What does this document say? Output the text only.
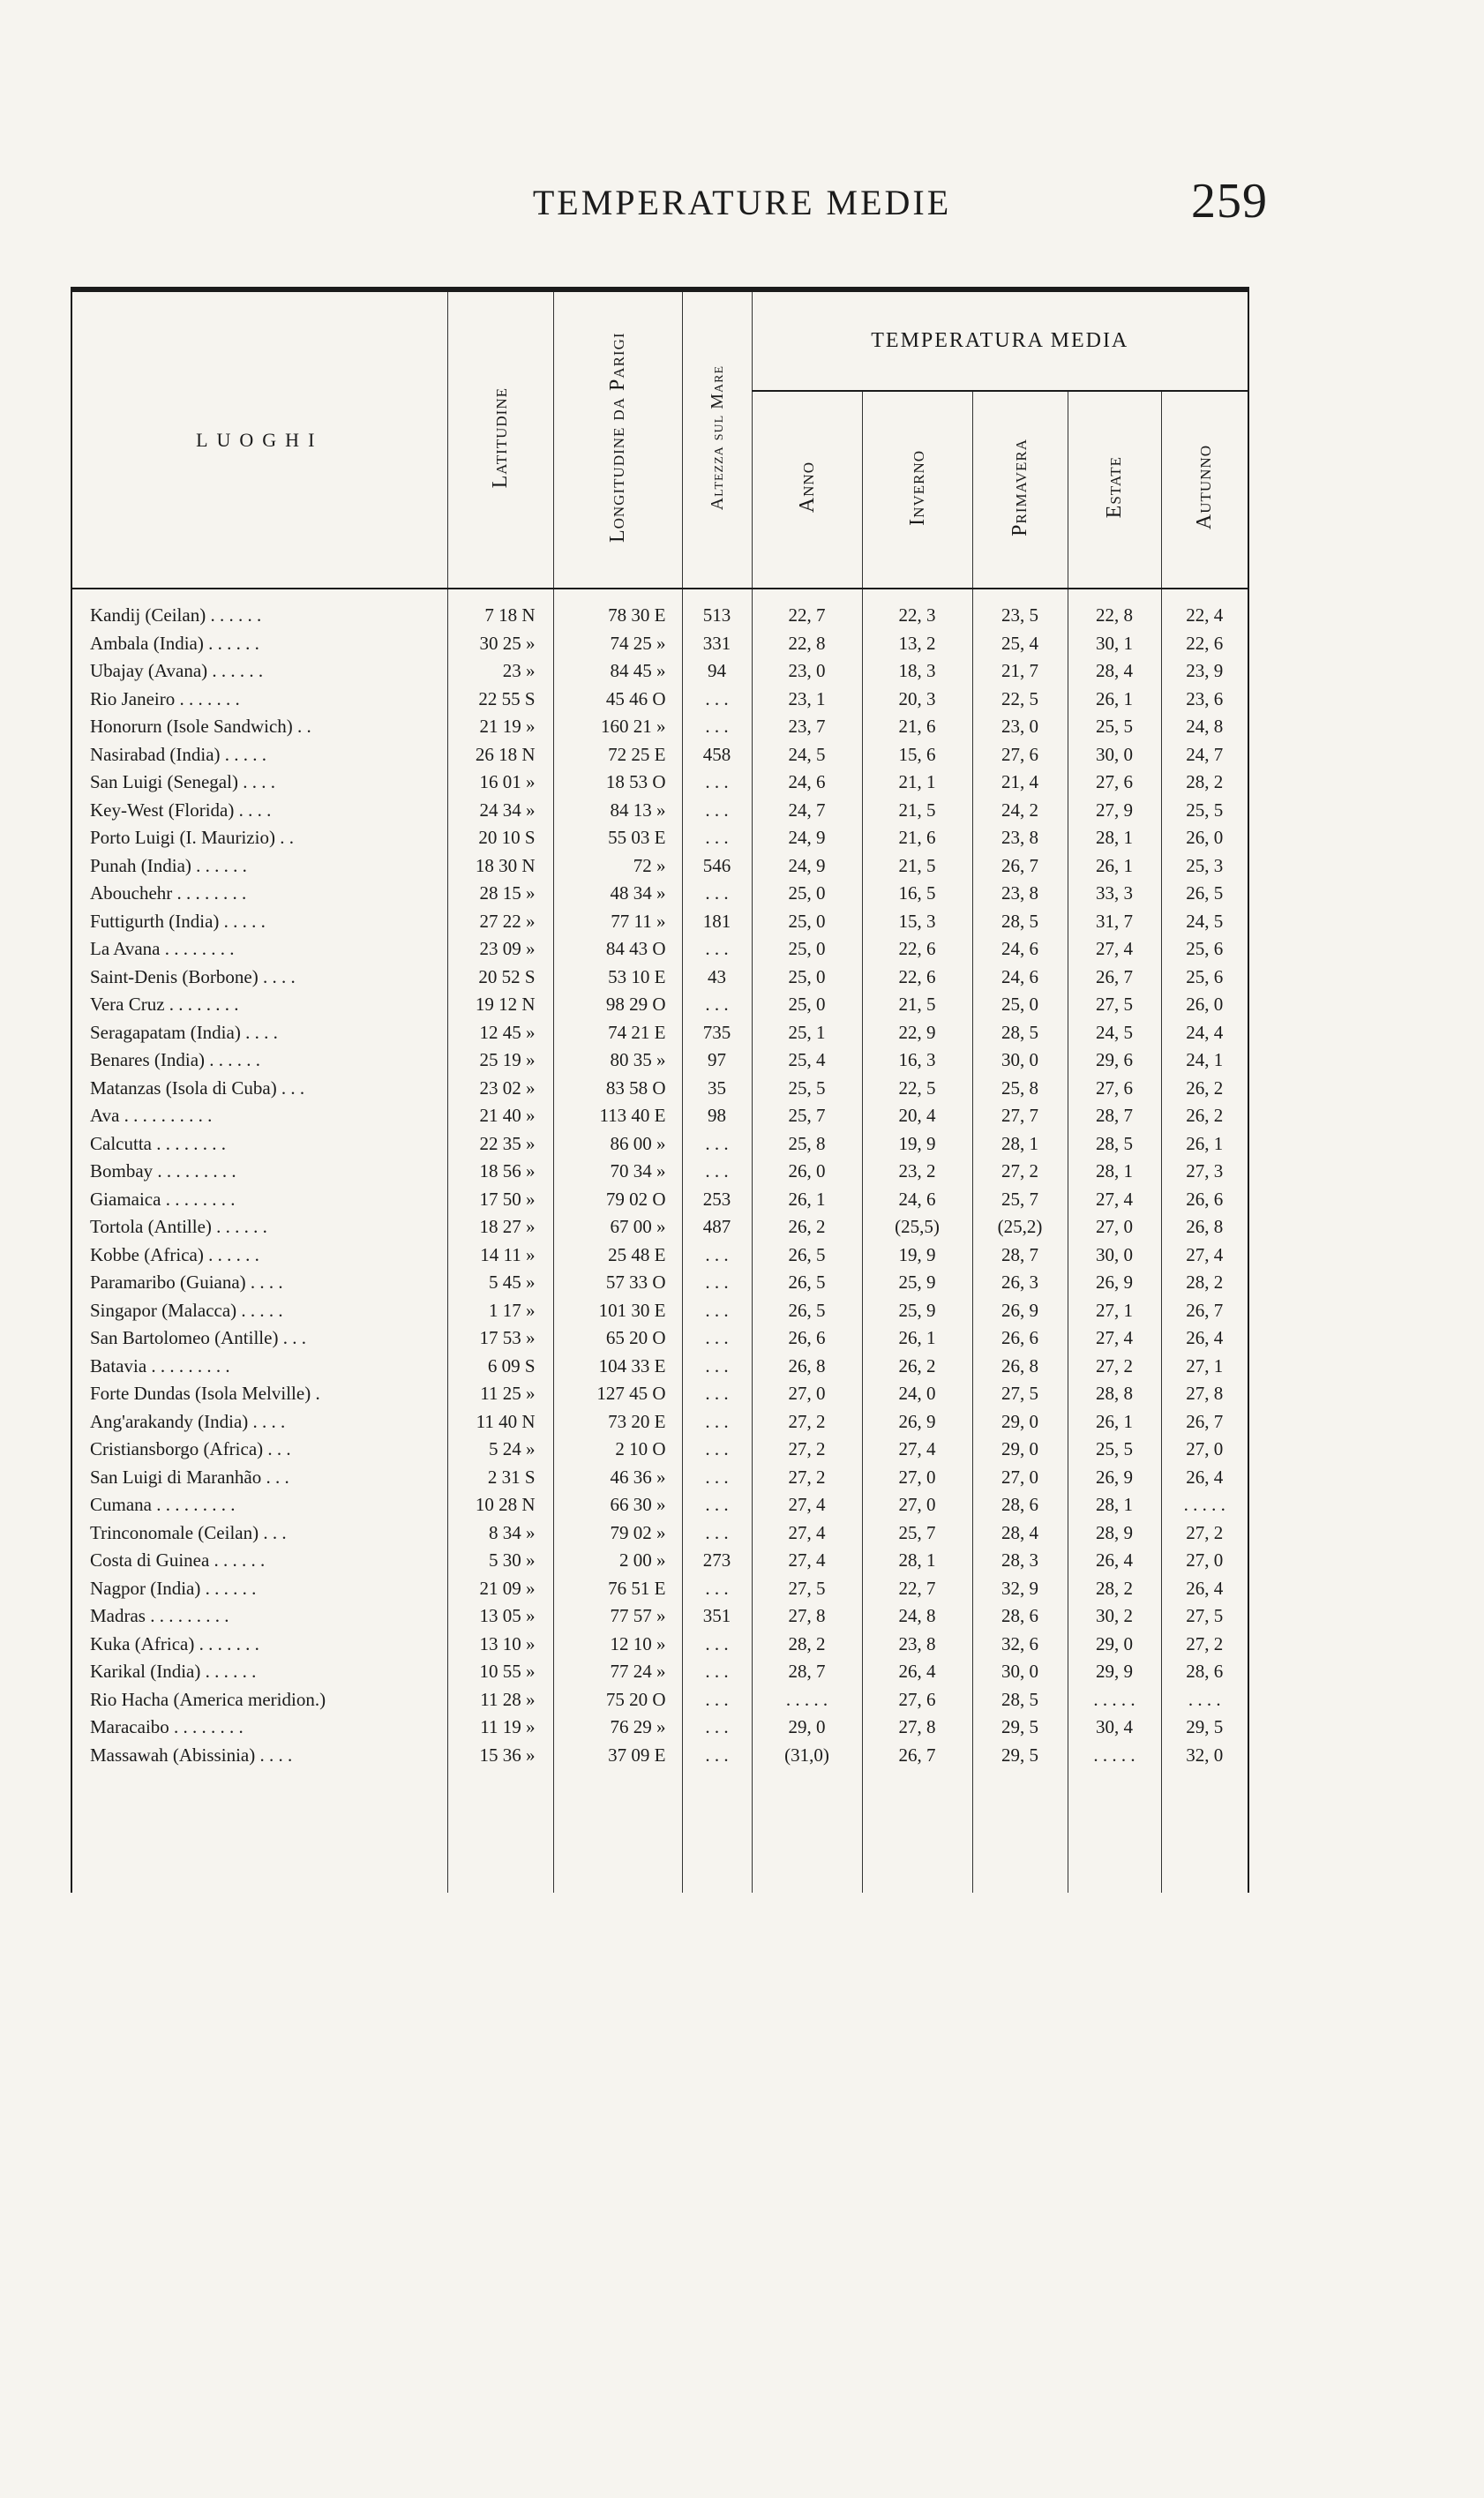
TEMPERATURE MEDIE	259
LUOGHI	Latitudine	Longitudine da Parigi	Altezza sul Mare	TEMPERATURA MEDIA				
				Anno	Inverno	Primavera	Estate	Autunno
Kandij (Ceilan) . . . . . .	7 18 N	78 30 E	513	22, 7	22, 3	23, 5	22, 8	22, 4
Ambala (India) . . . . . .	30 25 »	74 25 »	331	22, 8	13, 2	25, 4	30, 1	22, 6
Ubajay (Avana) . . . . . .	23 »	84 45 »	94	23, 0	18, 3	21, 7	28, 4	23, 9
Rio Janeiro . . . . . . .	22 55 S	45 46 O	. . .	23, 1	20, 3	22, 5	26, 1	23, 6
Honorurn (Isole Sandwich) . .	21 19 »	160 21 »	. . .	23, 7	21, 6	23, 0	25, 5	24, 8
Nasirabad (India) . . . . .	26 18 N	72 25 E	458	24, 5	15, 6	27, 6	30, 0	24, 7
San Luigi (Senegal) . . . .	16 01 »	18 53 O	. . .	24, 6	21, 1	21, 4	27, 6	28, 2
Key-West (Florida) . . . .	24 34 »	84 13 »	. . .	24, 7	21, 5	24, 2	27, 9	25, 5
Porto Luigi (I. Maurizio) . .	20 10 S	55 03 E	. . .	24, 9	21, 6	23, 8	28, 1	26, 0
Punah (India) . . . . . .	18 30 N	72 »	546	24, 9	21, 5	26, 7	26, 1	25, 3
Abouchehr . . . . . . . .	28 15 »	48 34 »	. . .	25, 0	16, 5	23, 8	33, 3	26, 5
Futtigurth (India) . . . . .	27 22 »	77 11 »	181	25, 0	15, 3	28, 5	31, 7	24, 5
La Avana . . . . . . . .	23 09 »	84 43 O	. . .	25, 0	22, 6	24, 6	27, 4	25, 6
Saint-Denis (Borbone) . . . .	20 52 S	53 10 E	43	25, 0	22, 6	24, 6	26, 7	25, 6
Vera Cruz . . . . . . . .	19 12 N	98 29 O	. . .	25, 0	21, 5	25, 0	27, 5	26, 0
Seragapatam (India) . . . .	12 45 »	74 21 E	735	25, 1	22, 9	28, 5	24, 5	24, 4
Benares (India) . . . . . .	25 19 »	80 35 »	97	25, 4	16, 3	30, 0	29, 6	24, 1
Matanzas (Isola di Cuba) . . .	23 02 »	83 58 O	35	25, 5	22, 5	25, 8	27, 6	26, 2
Ava . . . . . . . . . .	21 40 »	113 40 E	98	25, 7	20, 4	27, 7	28, 7	26, 2
Calcutta . . . . . . . .	22 35 »	86 00 »	. . .	25, 8	19, 9	28, 1	28, 5	26, 1
Bombay . . . . . . . . .	18 56 »	70 34 »	. . .	26, 0	23, 2	27, 2	28, 1	27, 3
Giamaica . . . . . . . .	17 50 »	79 02 O	253	26, 1	24, 6	25, 7	27, 4	26, 6
Tortola (Antille) . . . . . .	18 27 »	67 00 »	487	26, 2	(25,5)	(25,2)	27, 0	26, 8
Kobbe (Africa) . . . . . .	14 11 »	25 48 E	. . .	26, 5	19, 9	28, 7	30, 0	27, 4
Paramaribo (Guiana) . . . .	5 45 »	57 33 O	. . .	26, 5	25, 9	26, 3	26, 9	28, 2
Singapor (Malacca) . . . . .	1 17 »	101 30 E	. . .	26, 5	25, 9	26, 9	27, 1	26, 7
San Bartolomeo (Antille) . . .	17 53 »	65 20 O	. . .	26, 6	26, 1	26, 6	27, 4	26, 4
Batavia . . . . . . . . .	6 09 S	104 33 E	. . .	26, 8	26, 2	26, 8	27, 2	27, 1
Forte Dundas (Isola Melville) .	11 25 »	127 45 O	. . .	27, 0	24, 0	27, 5	28, 8	27, 8
Ang'arakandy (India) . . . .	11 40 N	73 20 E	. . .	27, 2	26, 9	29, 0	26, 1	26, 7
Cristiansborgo (Africa) . . .	5 24 »	2 10 O	. . .	27, 2	27, 4	29, 0	25, 5	27, 0
San Luigi di Maranhão . . .	2 31 S	46 36 »	. . .	27, 2	27, 0	27, 0	26, 9	26, 4
Cumana . . . . . . . . .	10 28 N	66 30 »	. . .	27, 4	27, 0	28, 6	28, 1	. . . . .
Trinconomale (Ceilan) . . .	8 34 »	79 02 »	. . .	27, 4	25, 7	28, 4	28, 9	27, 2
Costa di Guinea . . . . . .	5 30 »	2 00 »	273	27, 4	28, 1	28, 3	26, 4	27, 0
Nagpor (India) . . . . . .	21 09 »	76 51 E	. . .	27, 5	22, 7	32, 9	28, 2	26, 4
Madras . . . . . . . . .	13 05 »	77 57 »	351	27, 8	24, 8	28, 6	30, 2	27, 5
Kuka (Africa) . . . . . . .	13 10 »	12 10 »	. . .	28, 2	23, 8	32, 6	29, 0	27, 2
Karikal (India) . . . . . .	10 55 »	77 24 »	. . .	28, 7	26, 4	30, 0	29, 9	28, 6
Rio Hacha (America meridion.)	11 28 »	75 20 O	. . .	. . . . .	27, 6	28, 5	. . . . .	. . . .
Maracaibo . . . . . . . .	11 19 »	76 29 »	. . .	29, 0	27, 8	29, 5	30, 4	29, 5
Massawah (Abissinia) . . . .	15 36 »	37 09 E	. . .	(31,0)	26, 7	29, 5	. . . . .	32, 0
